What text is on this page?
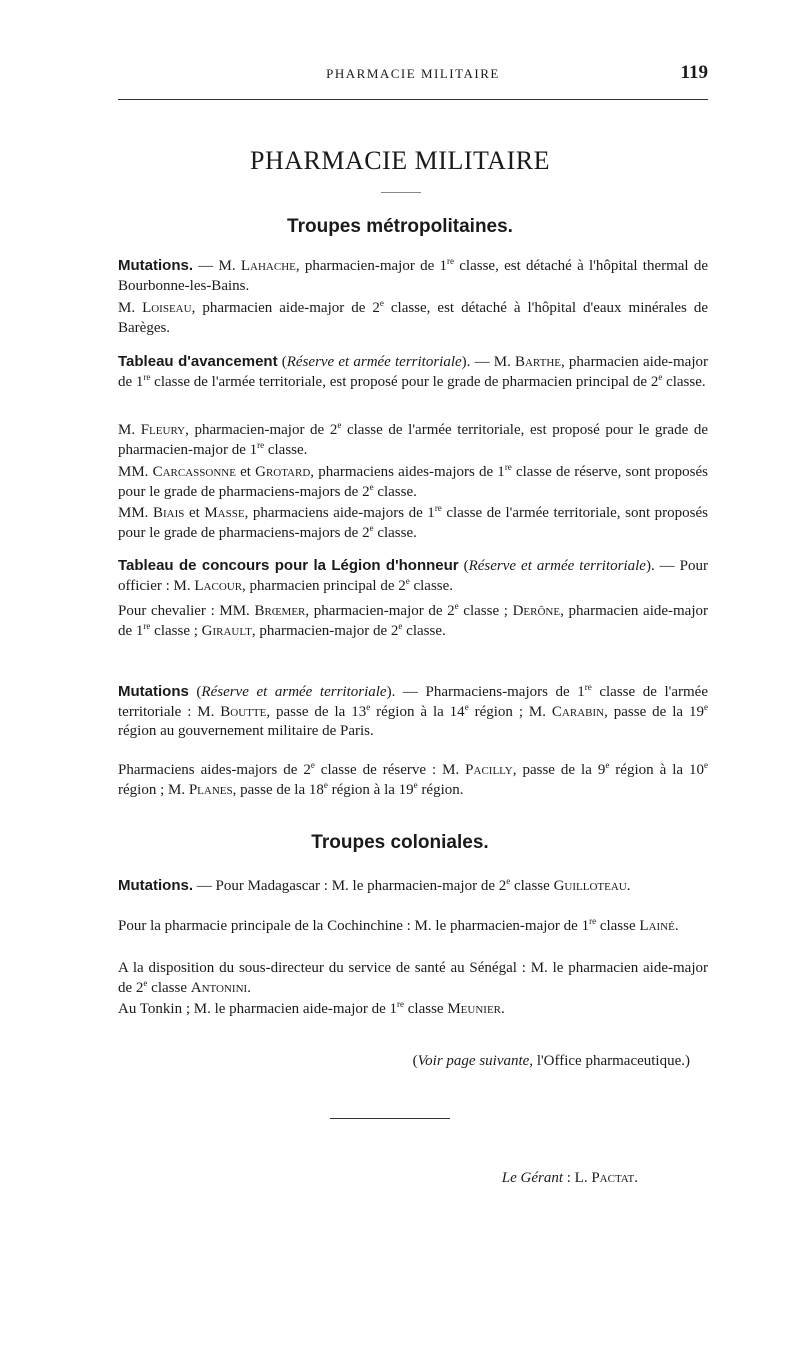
PHARMACIE MILITAIRE	119
PHARMACIE MILITAIRE
Troupes métropolitaines.

Mutations. — M. Lahache, pharmacien-major de 1re classe, est détaché à l'hôpital thermal de Bourbonne-les-Bains.

M. Loiseau, pharmacien aide-major de 2e classe, est détaché à l'hôpital d'eaux minérales de Barèges.

Tableau d'avancement (Réserve et armée territoriale). — M. Barthe, pharmacien aide-major de 1re classe de l'armée territoriale, est proposé pour le grade de pharmacien principal de 2e classe.

M. Fleury, pharmacien-major de 2e classe de l'armée territoriale, est proposé pour le grade de pharmacien-major de 1re classe.

MM. Carcassonne et Grotard, pharmaciens aides-majors de 1re classe de réserve, sont proposés pour le grade de pharmaciens-majors de 2e classe.

MM. Biais et Masse, pharmaciens aide-majors de 1re classe de l'armée territoriale, sont proposés pour le grade de pharmaciens-majors de 2e classe.

Tableau de concours pour la Légion d'honneur (Réserve et armée territoriale). — Pour officier : M. Lacour, pharmacien principal de 2e classe.

Pour chevalier : MM. Brœmer, pharmacien-major de 2e classe ; Derône, pharmacien aide-major de 1re classe ; Girault, pharmacien-major de 2e classe.

Mutations (Réserve et armée territoriale). — Pharmaciens-majors de 1re classe de l'armée territoriale : M. Boutte, passe de la 13e région à la 14e région ; M. Carabin, passe de la 19e région au gouvernement militaire de Paris.

Pharmaciens aides-majors de 2e classe de réserve : M. Pacilly, passe de la 9e région à la 10e région ; M. Planes, passe de la 18e région à la 19e région.

Troupes coloniales.

Mutations. — Pour Madagascar : M. le pharmacien-major de 2e classe Guilloteau.

Pour la pharmacie principale de la Cochinchine : M. le pharmacien-major de 1re classe Lainé.

A la disposition du sous-directeur du service de santé au Sénégal : M. le pharmacien aide-major de 2e classe Antonini.

Au Tonkin ; M. le pharmacien aide-major de 1re classe Meunier.

(Voir page suivante, l'Office pharmaceutique.)
Le Gérant : L. Pactat.
